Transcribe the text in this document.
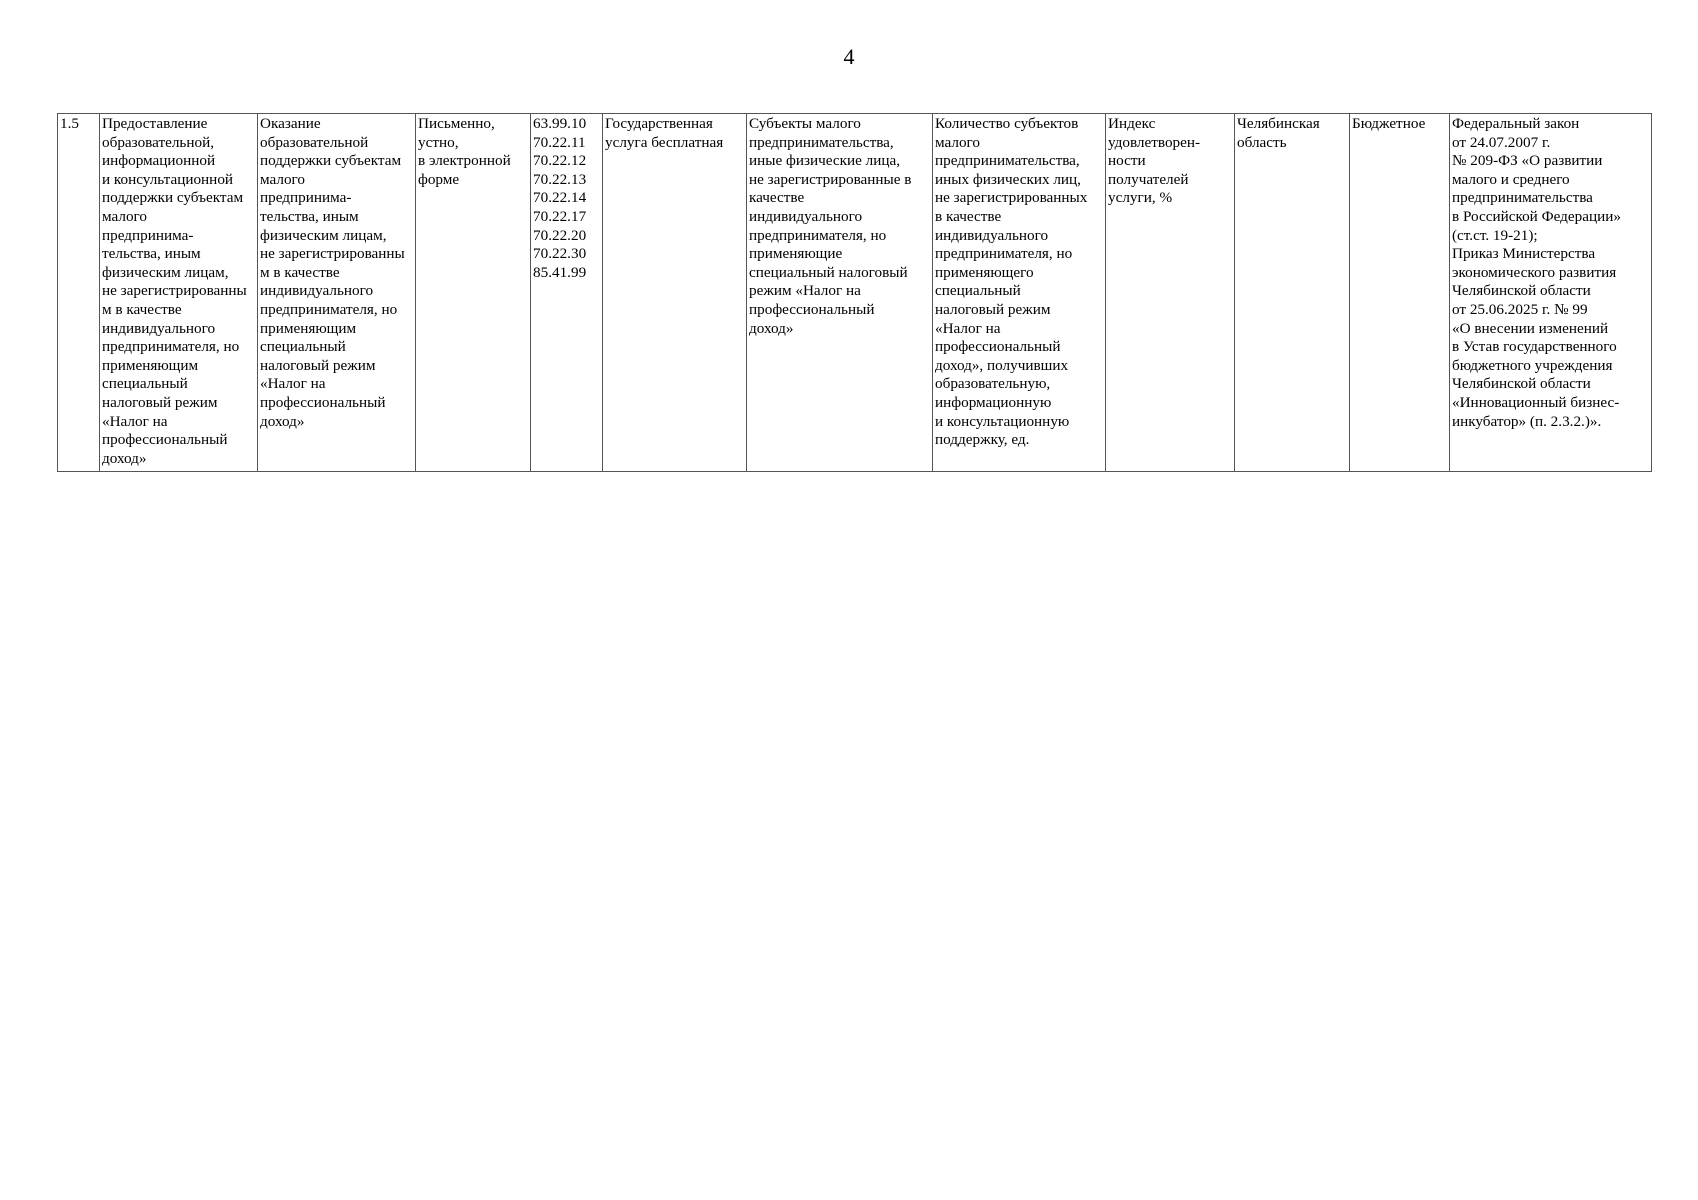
4
1.5	Предоставление
образовательной,
информационной
и консультационной
поддержки субъектам
малого
предпринима-
тельства, иным
физическим лицам,
не зарегистрированны
м в качестве
индивидуального
предпринимателя, но
применяющим
специальный
налоговый режим
«Налог на
профессиональный
доход»	Оказание
образовательной
поддержки субъектам
малого
предпринима-
тельства, иным
физическим лицам,
не зарегистрированны
м в качестве
индивидуального
предпринимателя, но
применяющим
специальный
налоговый режим
«Налог на
профессиональный
доход»	Письменно,
устно,
в электронной
форме	63.99.10
70.22.11
70.22.12
70.22.13
70.22.14
70.22.17
70.22.20
70.22.30
85.41.99	Государственная
услуга бесплатная	Субъекты малого
предпринимательства,
иные физические лица,
не зарегистрированные в
качестве
индивидуального
предпринимателя, но
применяющие
специальный налоговый
режим «Налог на
профессиональный
доход»	Количество субъектов
малого
предпринимательства,
иных физических лиц,
не зарегистрированных
в качестве
индивидуального
предпринимателя, но
применяющего
специальный
налоговый режим
«Налог на
профессиональный
доход», получивших
образовательную,
информационную
и консультационную
поддержку, ед.	Индекс
удовлетворен-
ности
получателей
услуги, %	Челябинская
область	Бюджетное	Федеральный закон
от 24.07.2007 г.
№ 209-ФЗ «О развитии
малого и среднего
предпринимательства
в Российской Федерации»
(ст.ст. 19-21);
Приказ Министерства
экономического развития
Челябинской области
от 25.06.2025 г. № 99
«О внесении изменений
в Устав государственного
бюджетного учреждения
Челябинской области
«Инновационный бизнес-
инкубатор» (п. 2.3.2.)».
